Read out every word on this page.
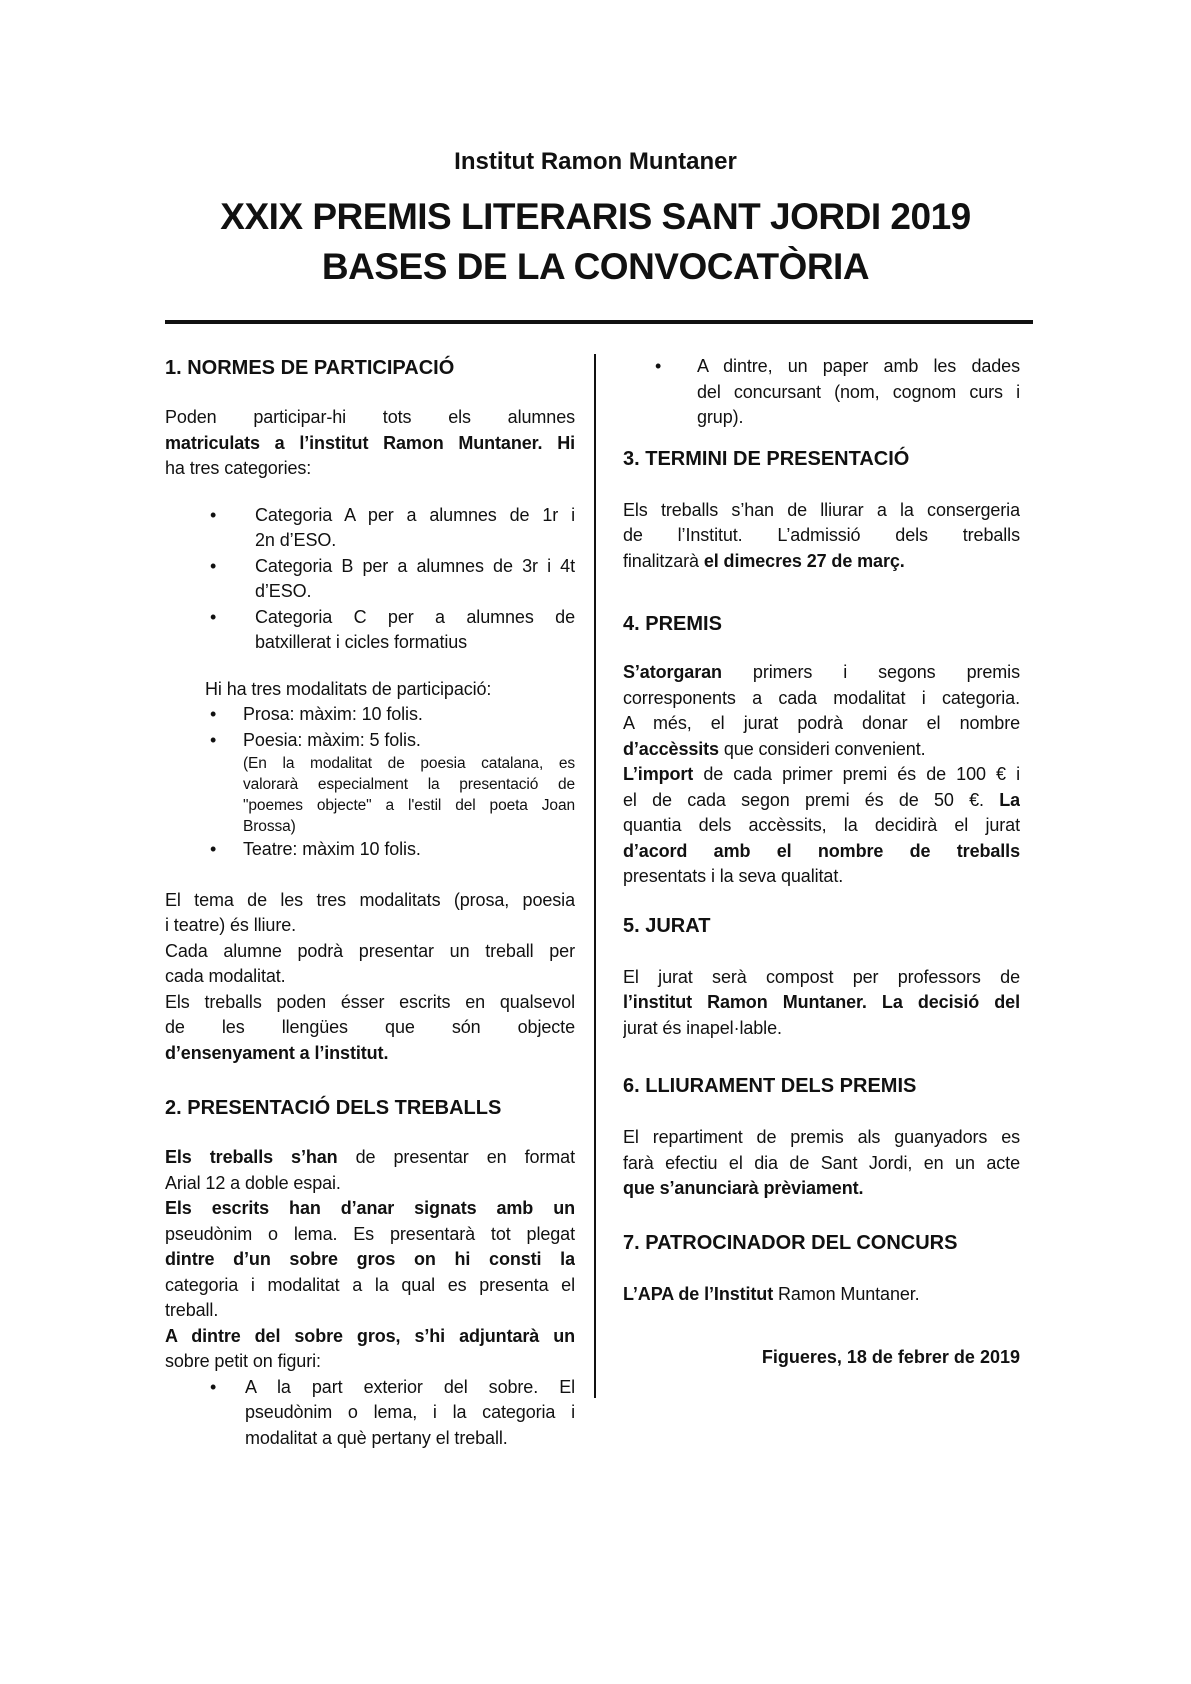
Institut Ramon Muntaner
XXIX PREMIS LITERARIS SANT JORDI 2019
BASES DE LA CONVOCATÒRIA
1. NORMES DE PARTICIPACIÓ
Poden participar-hi tots els alumnes
matriculats a l’institut Ramon Muntaner. Hi
ha tres categories:
• Categoria A per a alumnes de 1r i
2n d’ESO.
• Categoria B per a alumnes de 3r i 4t
d’ESO.
• Categoria C per a alumnes de
batxillerat i cicles formatius
Hi ha tres modalitats de participació:
• Prosa: màxim: 10 folis.
• Poesia: màxim: 5 folis.
(En la modalitat de poesia catalana, es
valorarà especialment la presentació de
"poemes objecte" a l'estil del poeta Joan
Brossa)
• Teatre: màxim 10 folis.
El tema de les tres modalitats (prosa, poesia
i teatre) és lliure.
Cada alumne podrà presentar un treball per
cada modalitat.
Els treballs poden ésser escrits en qualsevol
de les llengües que són objecte
d’ensenyament a l’institut.
2. PRESENTACIÓ DELS TREBALLS
Els treballs s’han de presentar en format
Arial 12 a doble espai.
Els escrits han d’anar signats amb un
pseudònim o lema. Es presentarà tot plegat
dintre d’un sobre gros on hi consti la
categoria i modalitat a la qual es presenta el
treball.
A dintre del sobre gros, s’hi adjuntarà un
sobre petit on figuri:
• A la part exterior del sobre. El
pseudònim o lema, i la categoria i
modalitat a què pertany el treball.
• A dintre, un paper amb les dades
del concursant (nom, cognom curs i
grup).
3. TERMINI DE PRESENTACIÓ
Els treballs s’han de lliurar a la consergeria
de l’Institut. L’admissió dels treballs
finalitzarà el dimecres 27 de març.
4. PREMIS
S’atorgaran primers i segons premis
corresponents a cada modalitat i categoria.
A més, el jurat podrà donar el nombre
d’accèssits que consideri convenient.
L’import de cada primer premi és de 100 € i
el de cada segon premi és de 50 €. La
quantia dels accèssits, la decidirà el jurat
d’acord amb el nombre de treballs
presentats i la seva qualitat.
5. JURAT
El jurat serà compost per professors de
l’institut Ramon Muntaner. La decisió del
jurat és inapel·lable.
6. LLIURAMENT DELS PREMIS
El repartiment de premis als guanyadors es
farà efectiu el dia de Sant Jordi, en un acte
que s’anunciarà prèviament.
7. PATROCINADOR DEL CONCURS
L’APA de l’Institut Ramon Muntaner.
Figueres, 18 de febrer de 2019
